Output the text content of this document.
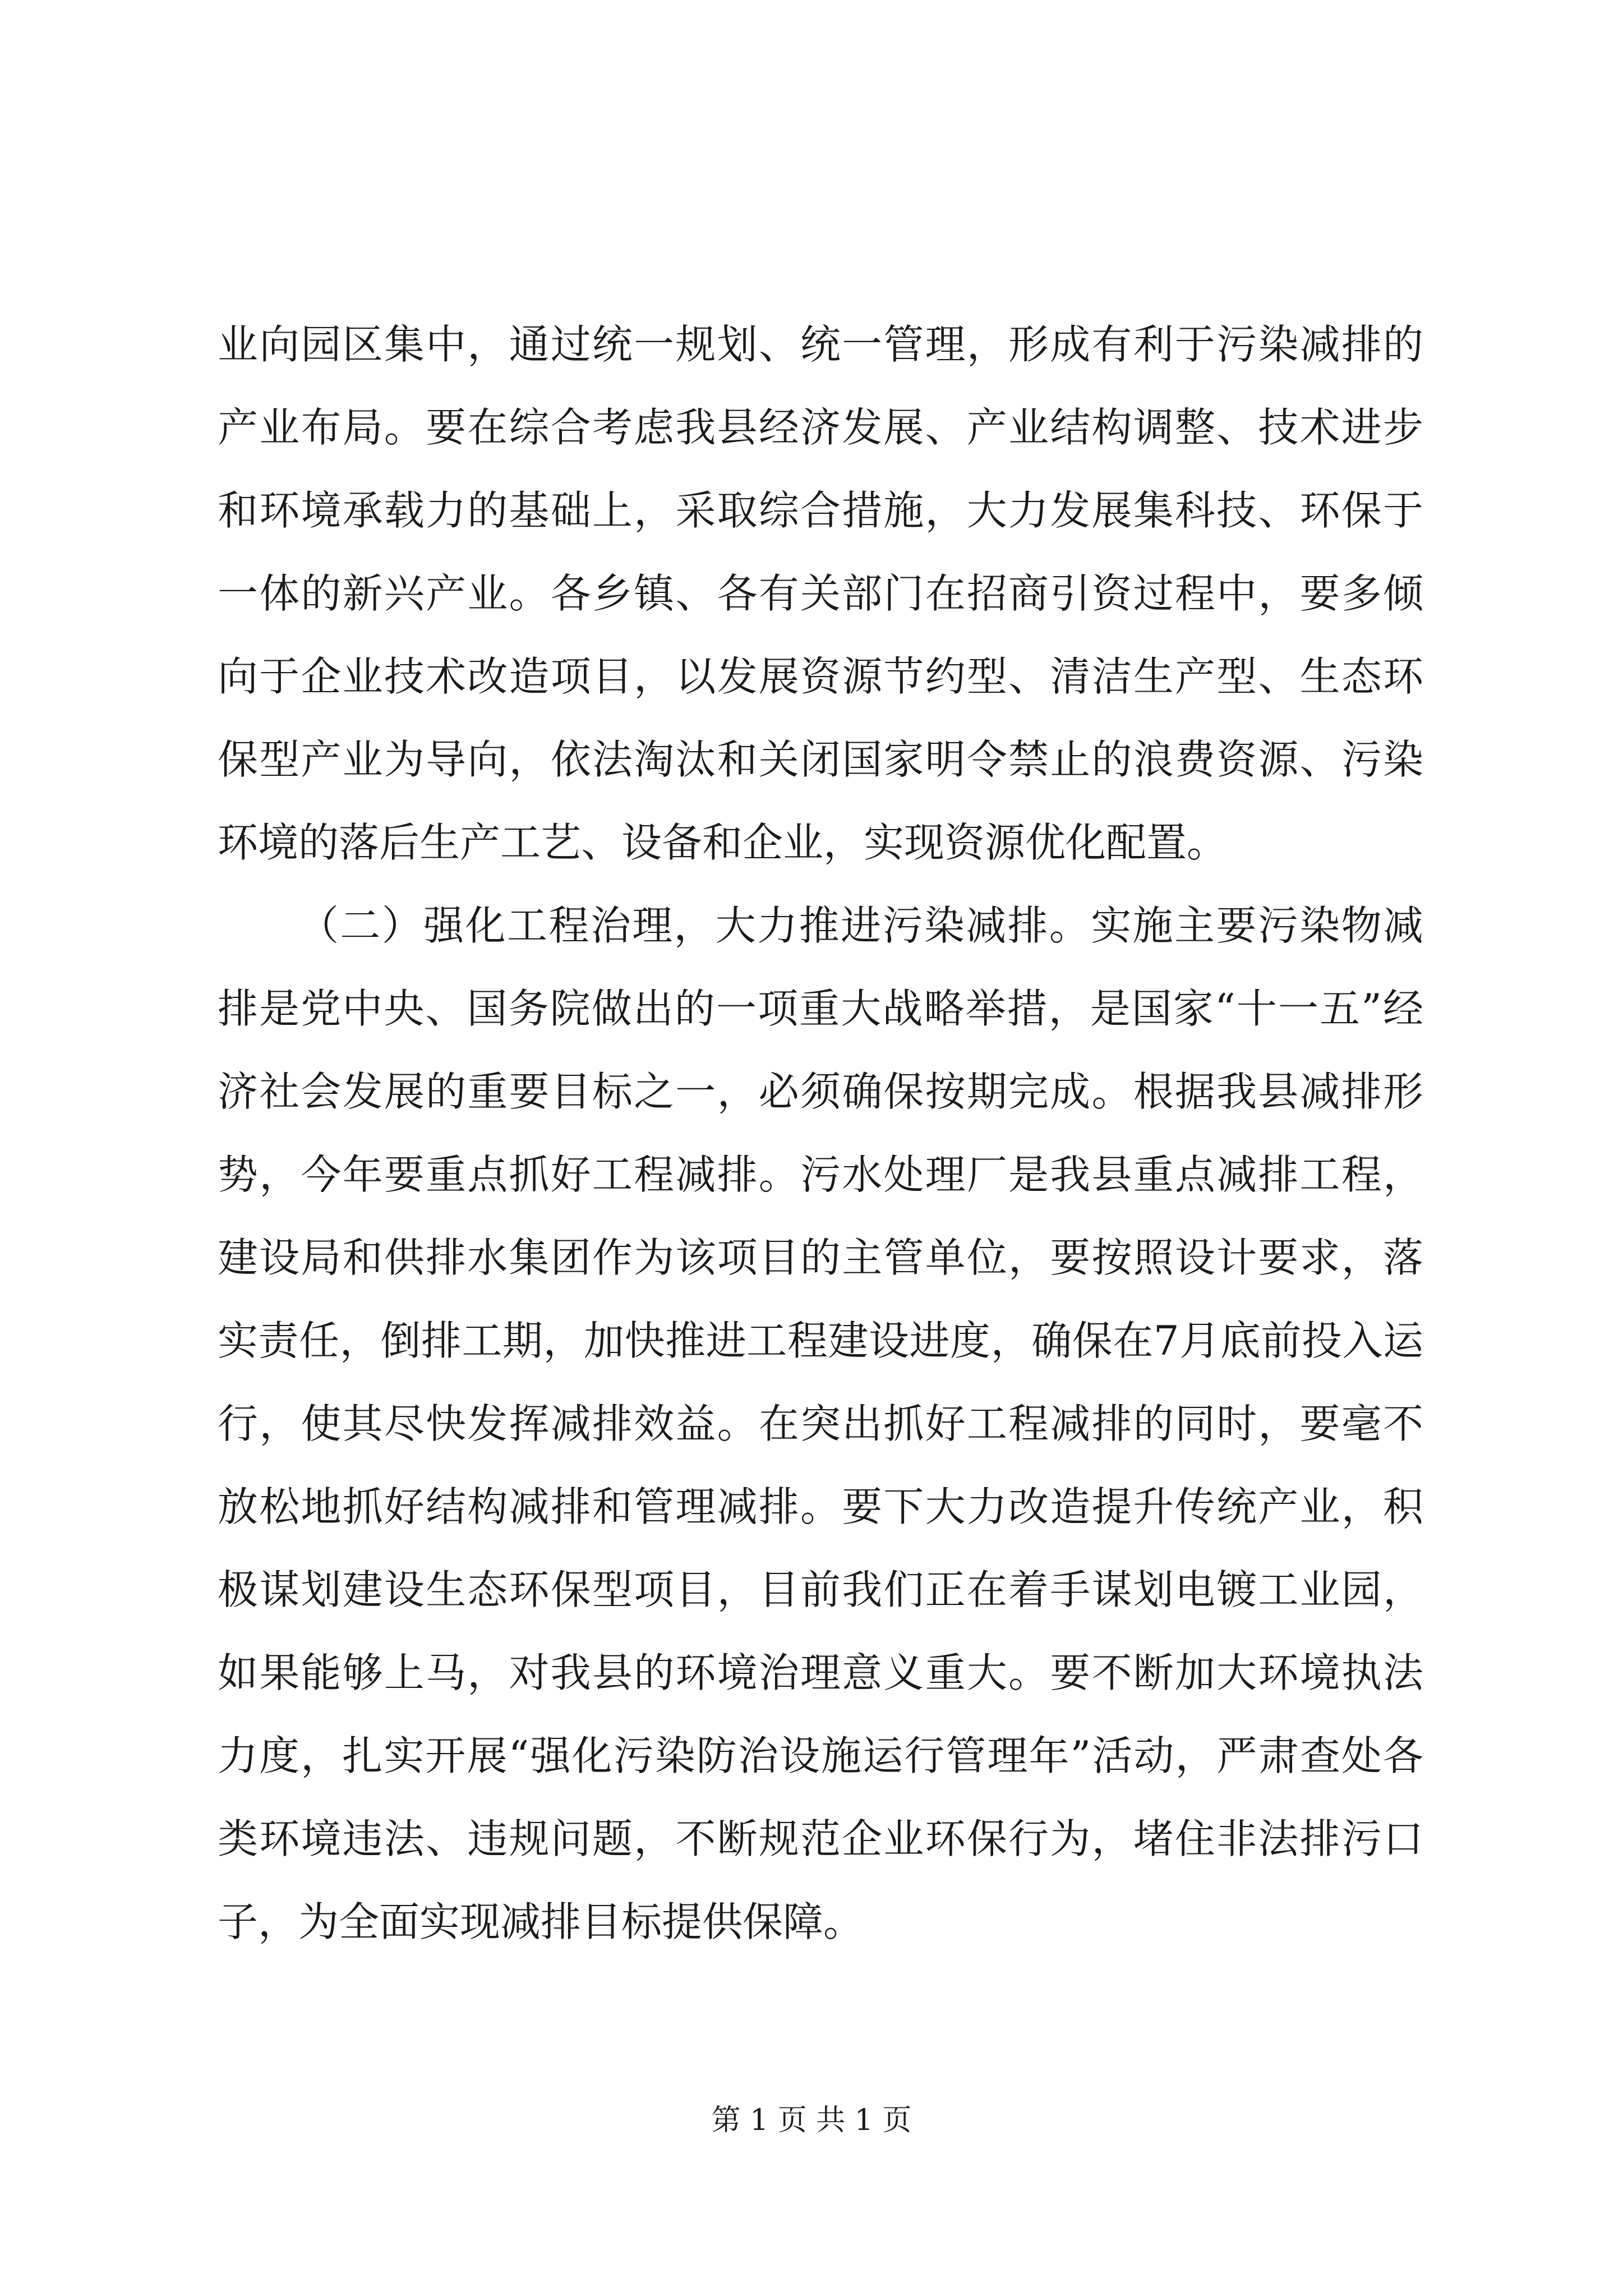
业向园区集中，通过统一规划、统一管理，形成有利于污染减排的产业布局。要在综合考虑我县经济发展、产业结构调整、技术进步和环境承载力的基础上，采取综合措施，大力发展集科技、环保于一体的新兴产业。各乡镇、各有关部门在招商引资过程中，要多倾向于企业技术改造项目，以发展资源节约型、清洁生产型、生态环保型产业为导向，依法淘汰和关闭国家明令禁止的浪费资源、污染环境的落后生产工艺、设备和企业，实现资源优化配置。

（二）强化工程治理，大力推进污染减排。实施主要污染物减排是党中央、国务院做出的一项重大战略举措，是国家“十一五”经济社会发展的重要目标之一，必须确保按期完成。根据我县减排形势，今年要重点抓好工程减排。污水处理厂是我县重点减排工程，建设局和供排水集团作为该项目的主管单位，要按照设计要求，落实责任，倒排工期，加快推进工程建设进度，确保在7月底前投入运行，使其尽快发挥减排效益。在突出抓好工程减排的同时，要毫不放松地抓好结构减排和管理减排。要下大力改造提升传统产业，积极谋划建设生态环保型项目，目前我们正在着手谋划电镀工业园，如果能够上马，对我县的环境治理意义重大。要不断加大环境执法力度，扎实开展“强化污染防治设施运行管理年”活动，严肃查处各类环境违法、违规问题，不断规范企业环保行为，堵住非法排污口子，为全面实现减排目标提供保障。

第 1 页 共 1 页
